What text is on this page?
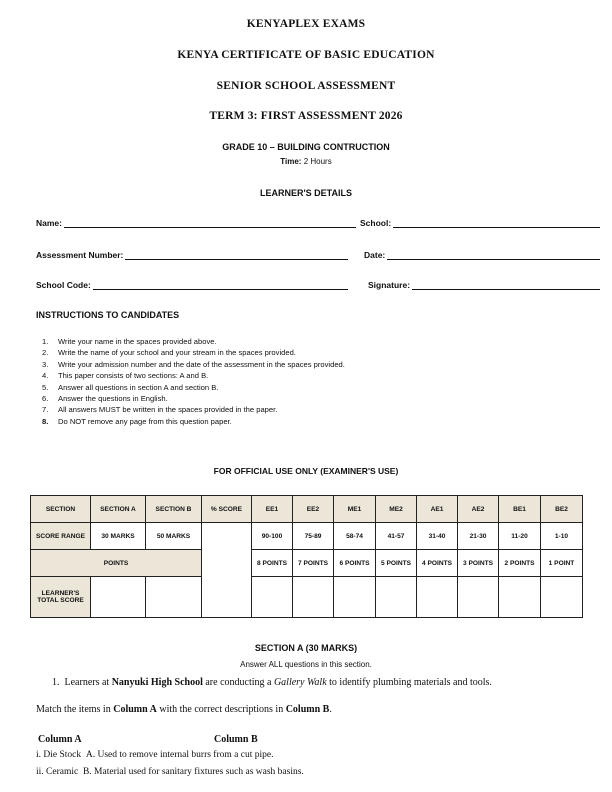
KENYAPLEX EXAMS
KENYA CERTIFICATE OF BASIC EDUCATION
SENIOR SCHOOL ASSESSMENT
TERM 3: FIRST ASSESSMENT 2026
GRADE 10 – BUILDING CONTRUCTION
Time: 2 Hours
LEARNER'S DETAILS
Name:	School:
Assessment Number:	Date:
School Code:	Signature:
INSTRUCTIONS TO CANDIDATES
1.	Write your name in the spaces provided above.
2.	Write the name of your school and your stream in the spaces provided.
3.	Write your admission number and the date of the assessment in the spaces provided.
4.	This paper consists of two sections: A and B.
5.	Answer all questions in section A and section B.
6.	Answer the questions in English.
7.	All answers MUST be written in the spaces provided in the paper.
8.	Do NOT remove any page from this question paper.
FOR OFFICIAL USE ONLY (EXAMINER'S USE)
SECTION	SECTION A	SECTION B	% SCORE	EE1	EE2	ME1	ME2	AE1	AE2	BE1	BE2
SCORE RANGE	30 MARKS	50 MARKS		90-100	75-89	58-74	41-57	31-40	21-30	11-20	1-10
POINTS				8 POINTS	7 POINTS	6 POINTS	5 POINTS	4 POINTS	3 POINTS	2 POINTS	1 POINT
LEARNER'S TOTAL SCORE											
SECTION A (30 MARKS)
Answer ALL questions in this section.
1. Learners at Nanyuki High School are conducting a Gallery Walk to identify plumbing materials and tools.
Match the items in Column A with the correct descriptions in Column B.
Column A	Column B
i. Die Stock A. Used to remove internal burrs from a cut pipe.
ii. Ceramic B. Material used for sanitary fixtures such as wash basins.
